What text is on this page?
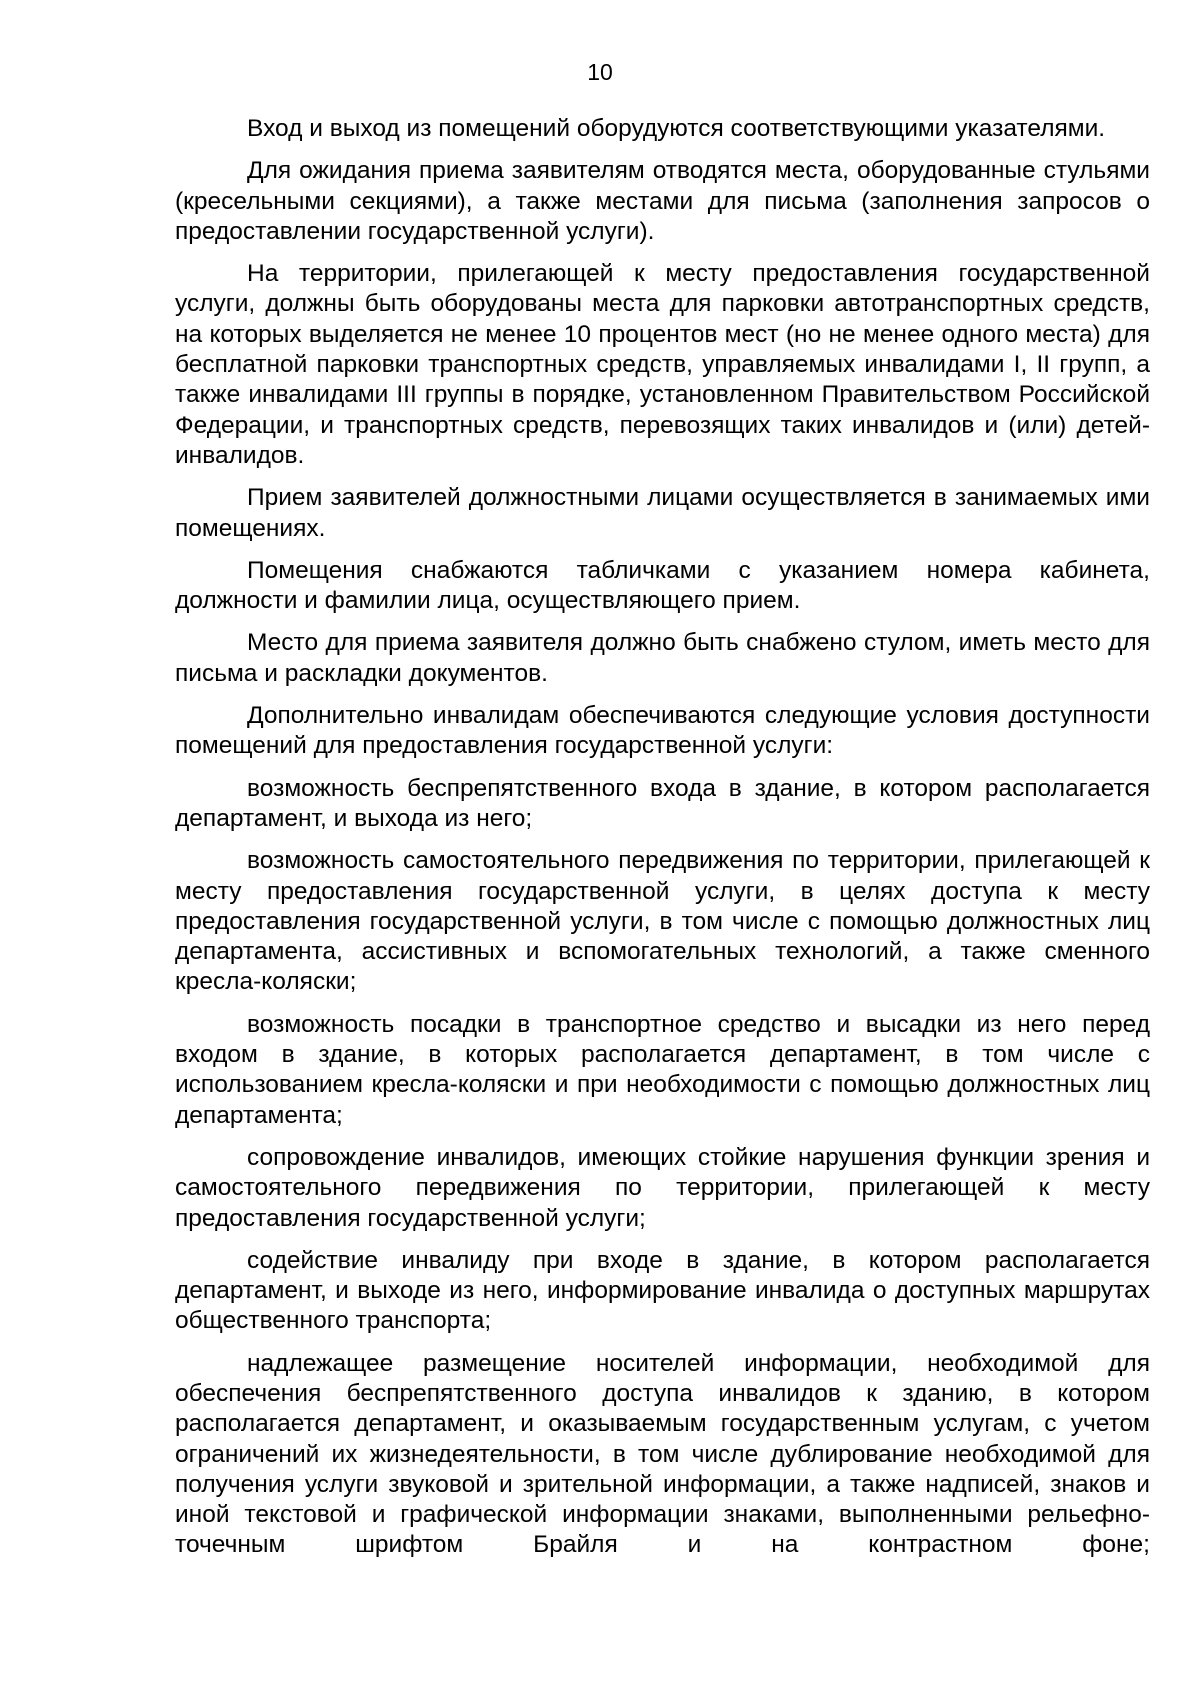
10

Вход и выход из помещений оборудуются соответствующими указателями.

Для ожидания приема заявителям отводятся места, оборудованные стульями (кресельными секциями), а также местами для письма (заполнения запросов о предоставлении государственной услуги).

На территории, прилегающей к месту предоставления государственной услуги, должны быть оборудованы места для парковки автотранспортных средств, на которых выделяется не менее 10 процентов мест (но не менее одного места) для бесплатной парковки транспортных средств, управляемых инвалидами I, II групп, а также инвалидами III группы в порядке, установленном Правительством Российской Федерации, и транспортных средств, перевозящих таких инвалидов и (или) детей-инвалидов.

Прием заявителей должностными лицами осуществляется в занимаемых ими помещениях.

Помещения снабжаются табличками с указанием номера кабинета, должности и фамилии лица, осуществляющего прием.

Место для приема заявителя должно быть снабжено стулом, иметь место для письма и раскладки документов.

Дополнительно инвалидам обеспечиваются следующие условия доступности помещений для предоставления государственной услуги:

возможность беспрепятственного входа в здание, в котором располагается департамент, и выхода из него;

возможность самостоятельного передвижения по территории, прилегающей к месту предоставления государственной услуги, в целях доступа к месту предоставления государственной услуги, в том числе с помощью должностных лиц департамента, ассистивных и вспомогательных технологий, а также сменного кресла-коляски;

возможность посадки в транспортное средство и высадки из него перед входом в здание, в которых располагается департамент, в том числе с использованием кресла-коляски и при необходимости с помощью должностных лиц департамента;

сопровождение инвалидов, имеющих стойкие нарушения функции зрения и самостоятельного передвижения по территории, прилегающей к месту предоставления государственной услуги;

содействие инвалиду при входе в здание, в котором располагается департамент, и выходе из него, информирование инвалида о доступных маршрутах общественного транспорта;

надлежащее размещение носителей информации, необходимой для обеспечения беспрепятственного доступа инвалидов к зданию, в котором располагается департамент, и оказываемым государственным услугам, с учетом ограничений их жизнедеятельности, в том числе дублирование необходимой для получения услуги звуковой и зрительной информации, а также надписей, знаков и иной текстовой и графической информации знаками, выполненными рельефно-точечным шрифтом Брайля и на контрастном фоне;
